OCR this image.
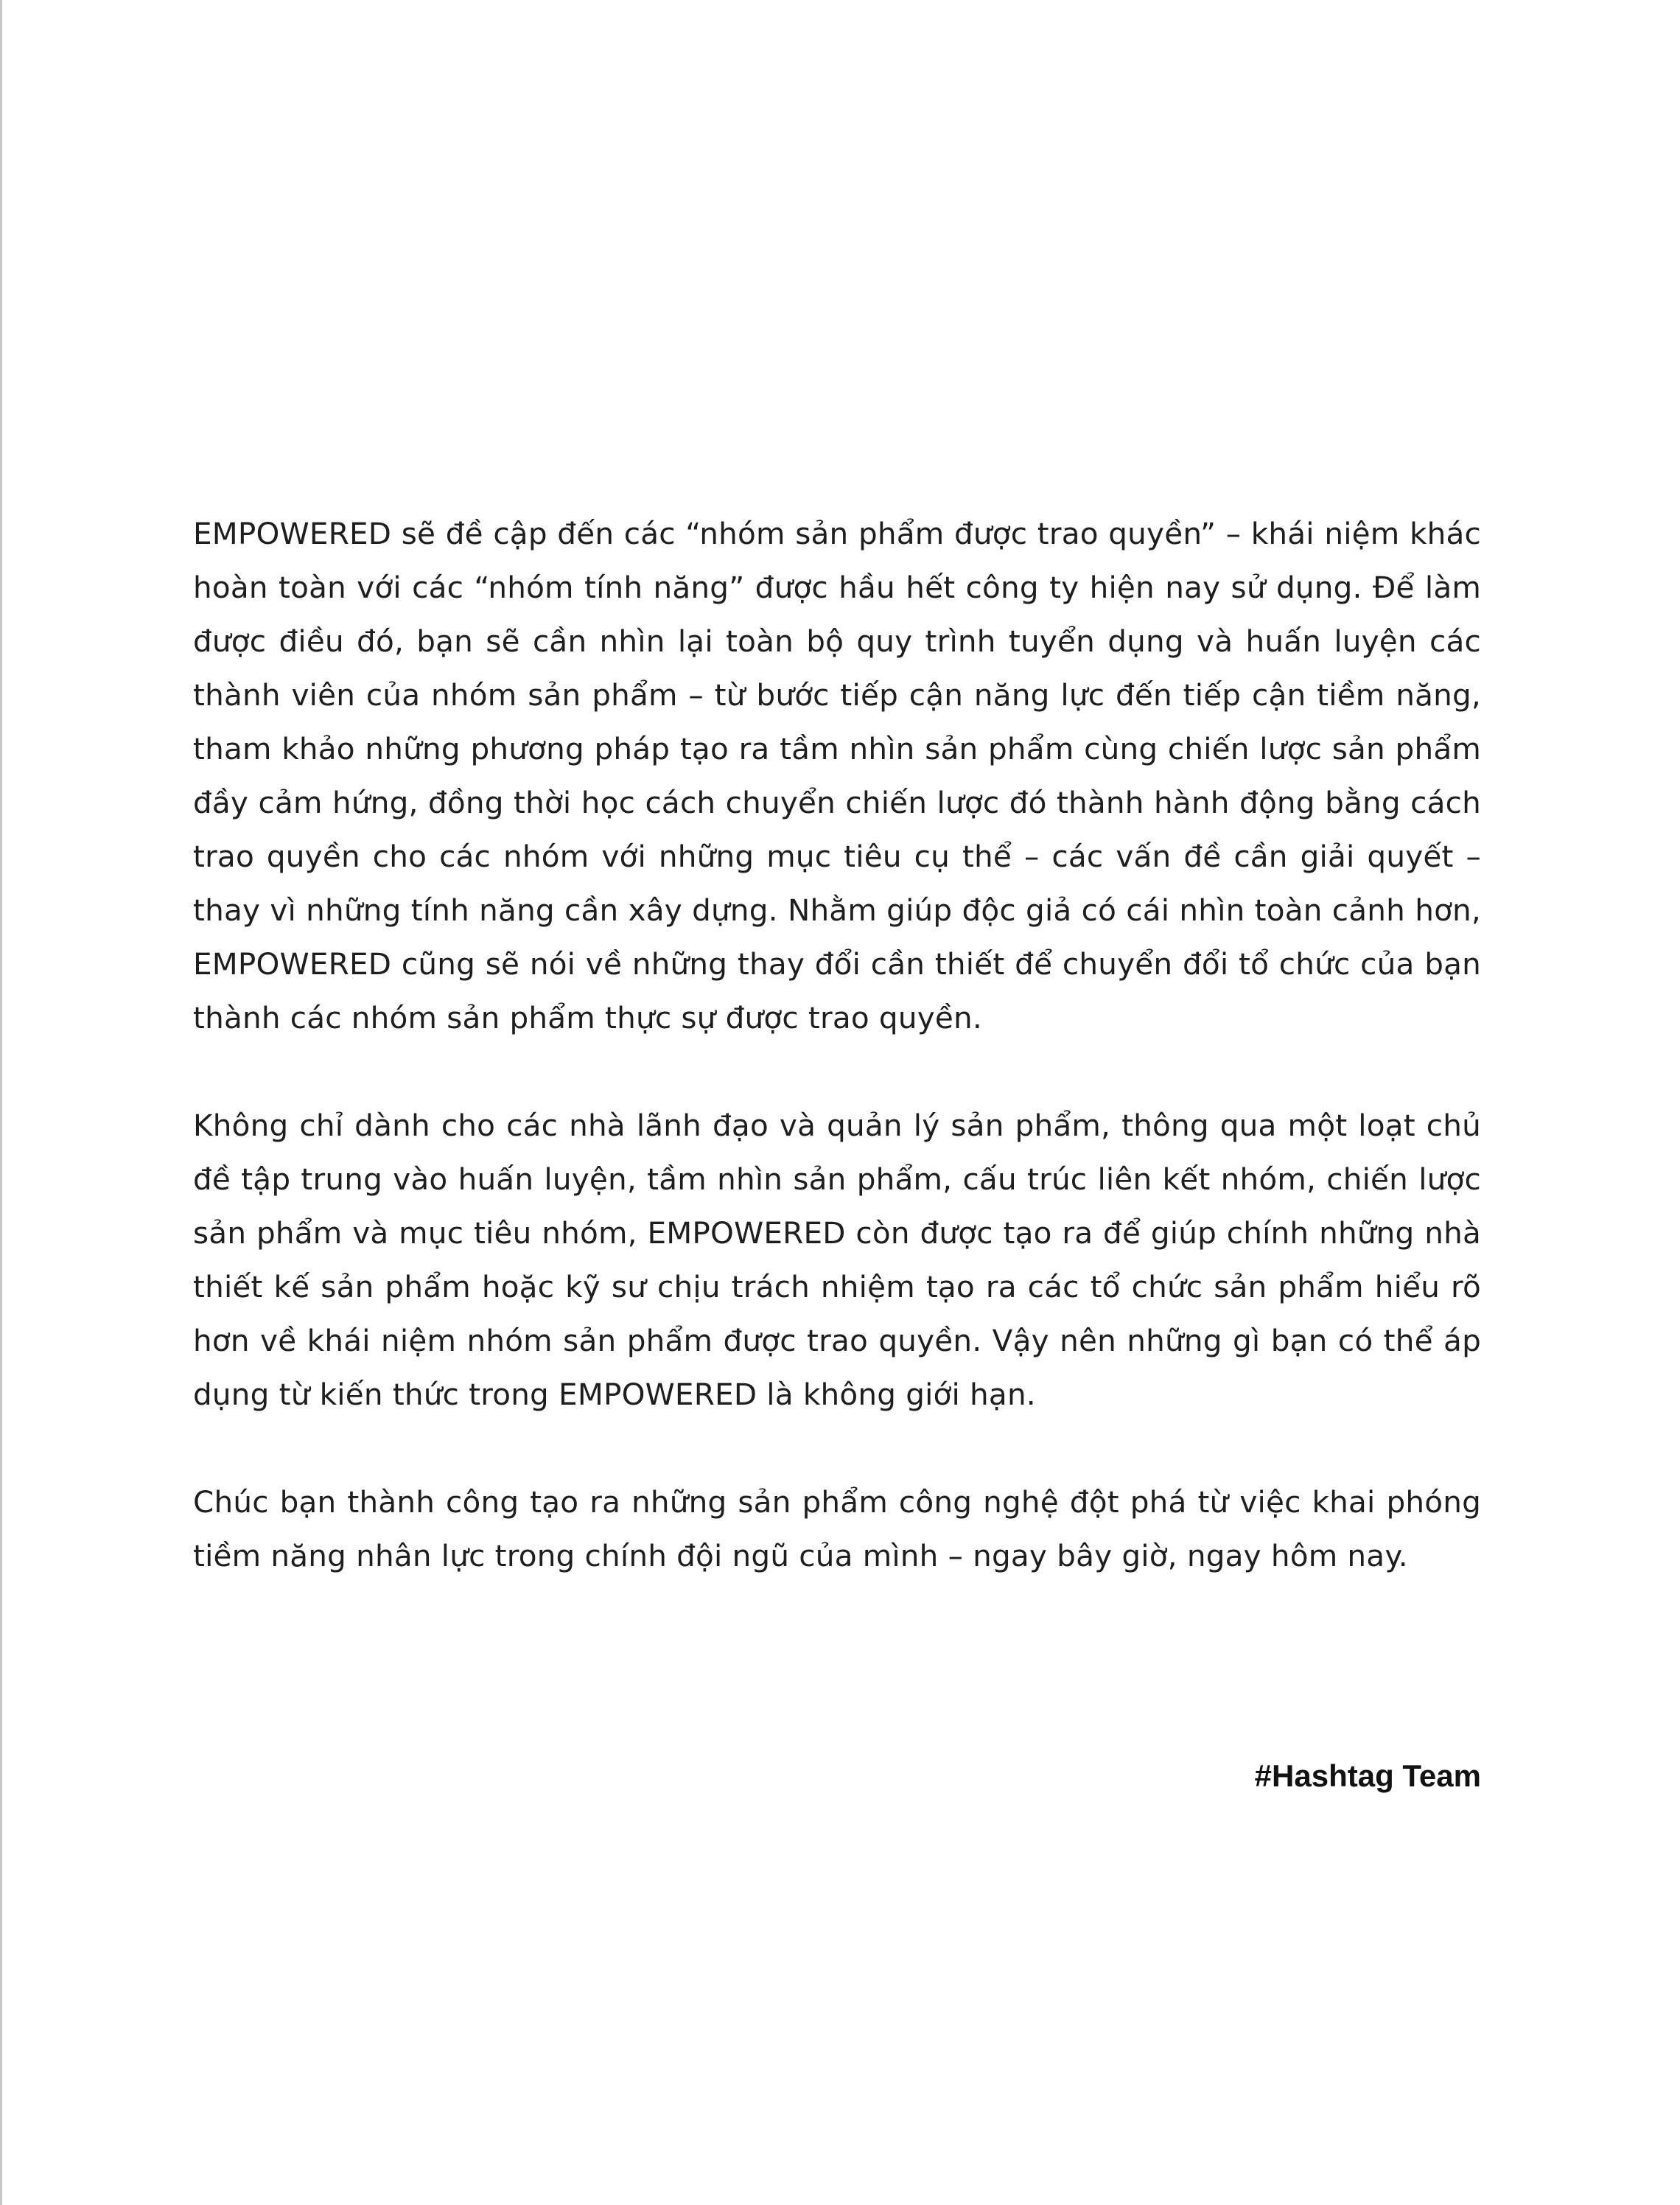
EMPOWERED sẽ đề cập đến các “nhóm sản phẩm được trao quyền” – khái niệm khác hoàn toàn với các “nhóm tính năng” được hầu hết công ty hiện nay sử dụng. Để làm được điều đó, bạn sẽ cần nhìn lại toàn bộ quy trình tuyển dụng và huấn luyện các thành viên của nhóm sản phẩm – từ bước tiếp cận năng lực đến tiếp cận tiềm năng, tham khảo những phương pháp tạo ra tầm nhìn sản phẩm cùng chiến lược sản phẩm đầy cảm hứng, đồng thời học cách chuyển chiến lược đó thành hành động bằng cách trao quyền cho các nhóm với những mục tiêu cụ thể – các vấn đề cần giải quyết – thay vì những tính năng cần xây dựng. Nhằm giúp độc giả có cái nhìn toàn cảnh hơn, EMPOWERED cũng sẽ nói về những thay đổi cần thiết để chuyển đổi tổ chức của bạn thành các nhóm sản phẩm thực sự được trao quyền.

Không chỉ dành cho các nhà lãnh đạo và quản lý sản phẩm, thông qua một loạt chủ đề tập trung vào huấn luyện, tầm nhìn sản phẩm, cấu trúc liên kết nhóm, chiến lược sản phẩm và mục tiêu nhóm, EMPOWERED còn được tạo ra để giúp chính những nhà thiết kế sản phẩm hoặc kỹ sư chịu trách nhiệm tạo ra các tổ chức sản phẩm hiểu rõ hơn về khái niệm nhóm sản phẩm được trao quyền. Vậy nên những gì bạn có thể áp dụng từ kiến thức trong EMPOWERED là không giới hạn.

Chúc bạn thành công tạo ra những sản phẩm công nghệ đột phá từ việc khai phóng tiềm năng nhân lực trong chính đội ngũ của mình – ngay bây giờ, ngay hôm nay.

#Hashtag Team
